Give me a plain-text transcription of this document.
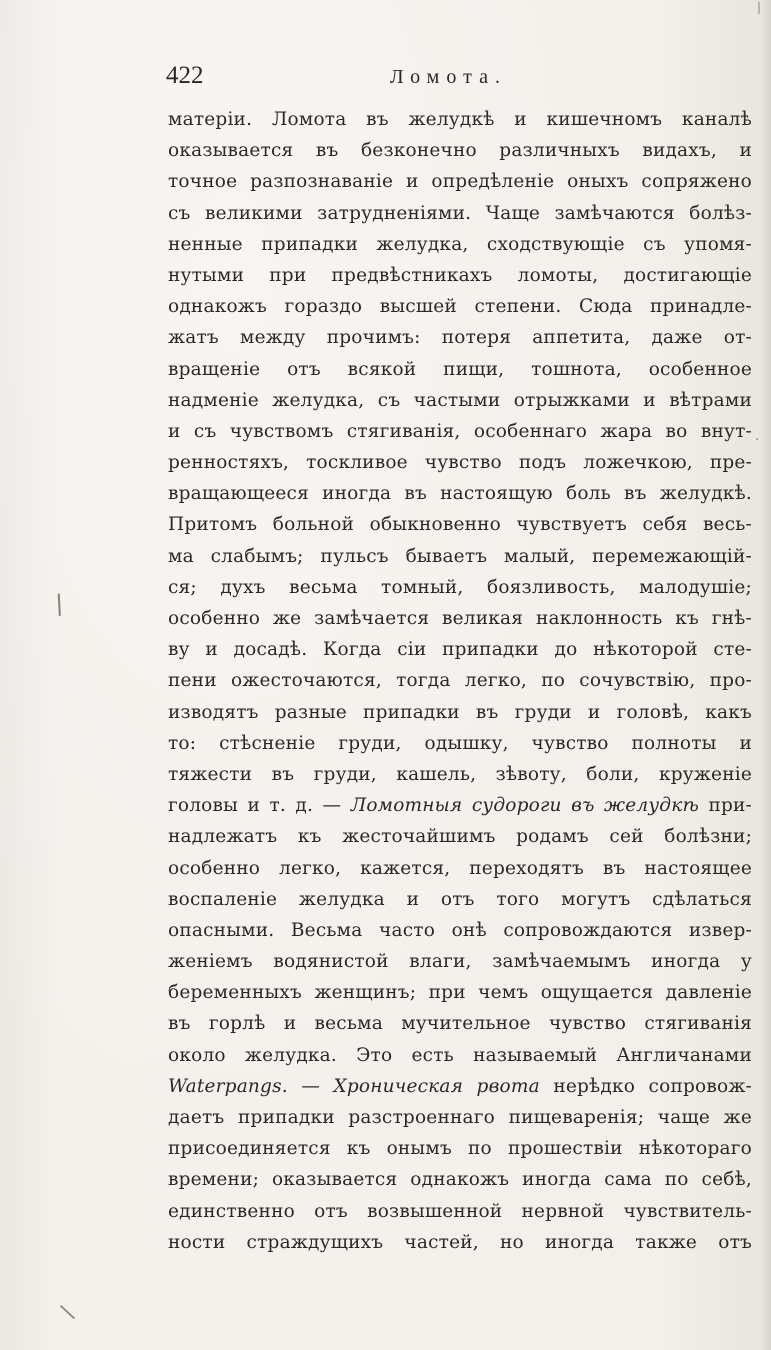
422	Ломота.
матеріи. Ломота въ желудкѣ и кишечномъ каналѣ
оказывается въ безконечно различныхъ видахъ, и
точное разпознаваніе и опредѣленіе оныхъ сопряжено
съ великими затрудненіями. Чаще замѣчаются болѣз-
ненные припадки желудка, сходствующіе съ упомя-
нутыми при предвѣстникахъ ломоты, достигающіе
однакожъ гораздо высшей степени. Сюда принадле-
жатъ между прочимъ: потеря аппетита, даже от-
вращеніе отъ всякой пищи, тошнота, особенное
надменіе желудка, съ частыми отрыжками и вѣтрами
и съ чувствомъ стягиванія, особеннаго жара во внут-
ренностяхъ, тоскливое чувство подъ ложечкою, пре-
вращающееся иногда въ настоящую боль въ желудкѣ.
Притомъ больной обыкновенно чувствуетъ себя весь-
ма слабымъ; пульсъ бываетъ малый, перемежающій-
ся; духъ весьма томный, боязливость, малодушіе;
особенно же замѣчается великая наклонность къ гнѣ-
ву и досадѣ. Когда сіи припадки до нѣкоторой сте-
пени ожесточаются, тогда легко, по сочувствію, про-
изводятъ разные припадки въ груди и головѣ, какъ
то: стѣсненіе груди, одышку, чувство полноты и
тяжести въ груди, кашель, зѣвоту, боли, круженіе
головы и т. д. — Ломотныя судороги въ желудкѣ при-
надлежатъ къ жесточайшимъ родамъ сей болѣзни;
особенно легко, кажется, переходятъ въ настоящее
воспаленіе желудка и отъ того могутъ сдѣлаться
опасными. Весьма часто онѣ сопровождаются извер-
женіемъ водянистой влаги, замѣчаемымъ иногда у
беременныхъ женщинъ; при чемъ ощущается давленіе
въ горлѣ и весьма мучительное чувство стягиванія
около желудка. Это есть называемый Англичанами
Waterpangs. — Хроническая рвота нерѣдко сопровож-
даетъ припадки разстроеннаго пищеваренія; чаще же
присоединяется къ онымъ по прошествіи нѣкотораго
времени; оказывается однакожъ иногда сама по себѣ,
единственно отъ возвышенной нервной чувствитель-
ности страждущихъ частей, но иногда также отъ
∕
·
\
|
